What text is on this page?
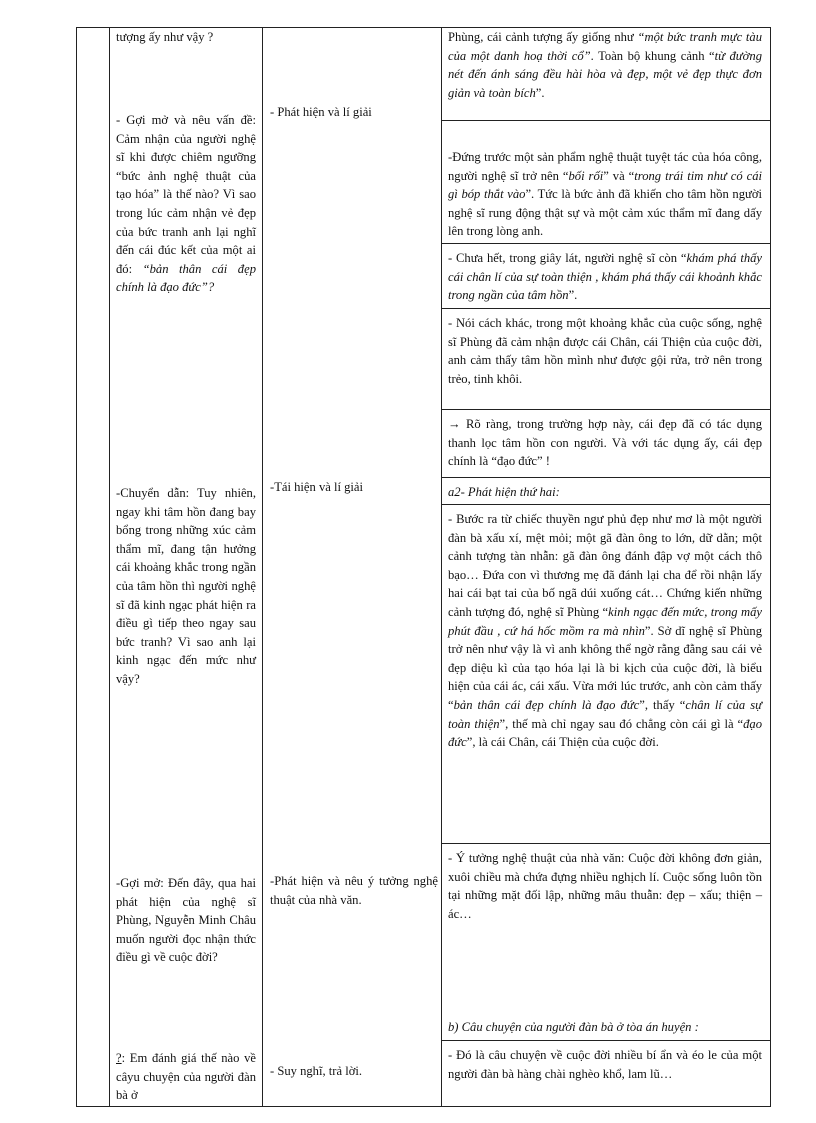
tượng ấy như vậy ?

- Gợi mở và nêu vấn đề: Cảm nhận của người nghệ sĩ khi được chiêm ngưỡng “bức ảnh nghệ thuật của tạo hóa” là thế nào? Vì sao trong lúc cảm nhận vẻ đẹp của bức tranh anh lại nghĩ đến cái đúc kết của một ai đó: “bản thân cái đẹp chính là đạo đức”?

-Chuyển dẫn: Tuy nhiên, ngay khi tâm hồn đang bay bổng trong những xúc cảm thẩm mĩ, đang tận hưởng cái khoảng khắc trong ngần của tâm hồn thì người nghệ sĩ đã kinh ngạc phát hiện ra điều gì tiếp theo ngay sau bức tranh? Vì sao anh lại kinh ngạc đến mức như vậy?

-Gợi mở: Đến đây, qua hai phát hiện của nghệ sĩ Phùng, Nguyễn Minh Châu muốn người đọc nhận thức điều gì về cuộc đời?

?: Em đánh giá thế nào về câyu chuyện của người đàn bà ở

- Phát hiện và lí giải

-Tái hiện và lí giải

-Phát hiện và nêu ý tưởng nghệ thuật của nhà văn.

- Suy nghĩ, trả lời.

Phùng, cái cảnh tượng ấy giống như “một bức tranh mực tàu của một danh hoạ thời cổ”. Toàn bộ khung cảnh “từ đường nét đến ánh sáng đều hài hòa và đẹp, một vẻ đẹp thực đơn giản và toàn bích”.

-Đứng trước một sản phẩm nghệ thuật tuyệt tác của hóa công, người nghệ sĩ trở nên “bối rối” và “trong trái tim như có cái gì bóp thắt vào”. Tức là bức ảnh đã khiến cho tâm hồn người nghệ sĩ rung động thật sự và một cảm xúc thẩm mĩ đang dấy lên trong lòng anh.

- Chưa hết, trong giây lát, người nghệ sĩ còn “khám phá thấy cái chân lí của sự toàn thiện , khám phá thấy cái khoảnh khắc trong ngần của tâm hồn”.

- Nói cách khác, trong một khoảng khắc của cuộc sống, nghệ sĩ Phùng đã cảm nhận được cái Chân, cái Thiện của cuộc đời, anh cảm thấy tâm hồn mình như được gội rửa, trở nên trong trẻo, tinh khôi.

→ Rõ ràng, trong trường hợp này, cái đẹp đã có tác dụng thanh lọc tâm hồn con người. Và với tác dụng ấy, cái đẹp chính là “đạo đức” !

a2- Phát hiện thứ hai:

- Bước ra từ chiếc thuyền ngư phủ đẹp như mơ là một người đàn bà xấu xí, mệt mỏi; một gã đàn ông to lớn, dữ dằn; một cảnh tượng tàn nhẫn: gã đàn ông đánh đập vợ một cách thô bạo… Đứa con vì thương mẹ đã đánh lại cha để rồi nhận lấy hai cái bạt tai của bố ngã dúi xuống cát… Chứng kiến những cảnh tượng đó, nghệ sĩ Phùng “kinh ngạc đến mức, trong mấy phút đầu , cứ há hốc mồm ra mà nhìn”. Sở dĩ nghệ sĩ Phùng trở nên như vậy là vì anh không thể ngờ rằng đằng sau cái vẻ đẹp diệu kì của tạo hóa lại là bi kịch của cuộc đời, là biểu hiện của cái ác, cái xấu. Vừa mới lúc trước, anh còn cảm thấy “bản thân cái đẹp chính là đạo đức”, thấy “chân lí của sự toàn thiện”, thế mà chỉ ngay sau đó chẳng còn cái gì là “đạo đức”, là cái Chân, cái Thiện của cuộc đời.

- Ý tưởng nghệ thuật của nhà văn: Cuộc đời không đơn giản, xuôi chiều mà chứa đựng nhiều nghịch lí. Cuộc sống luôn tồn tại những mặt đối lập, những mâu thuẫn: đẹp – xấu; thiện – ác…

b) Câu chuyện của người đàn bà ở tòa án huyện :

- Đó là câu chuyện về cuộc đời nhiều bí ẩn và éo le của một người đàn bà hàng chài nghèo khổ, lam lũ…
